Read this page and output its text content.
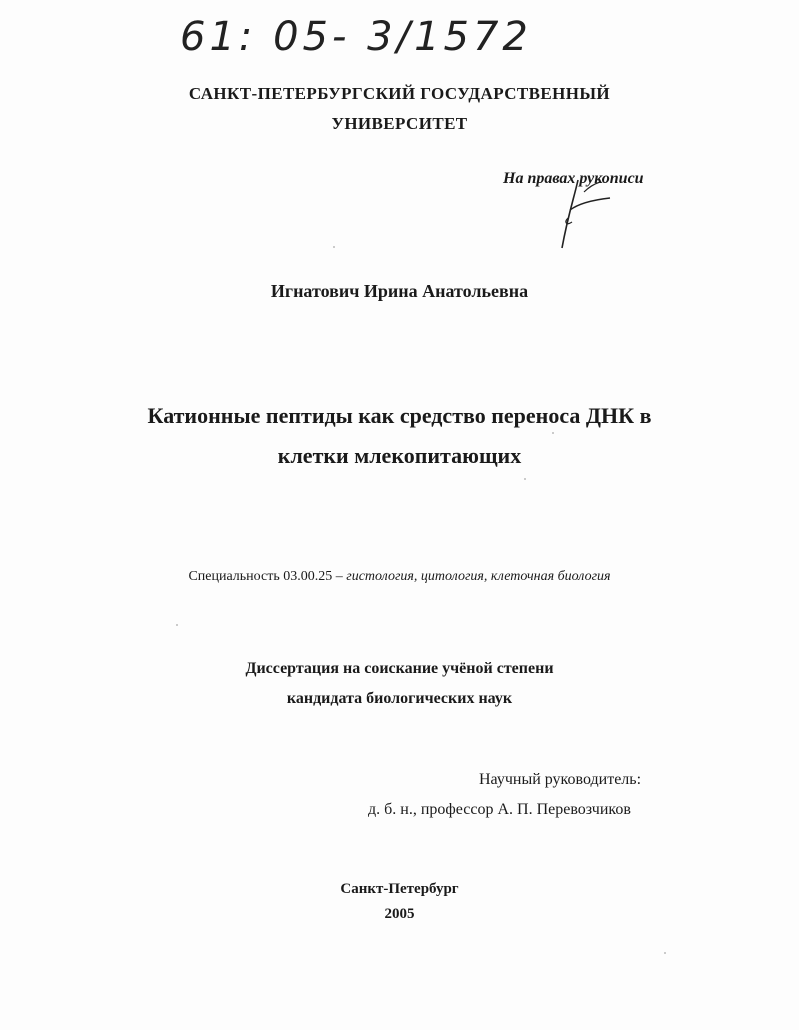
61: 05- 3/1572
САНКТ-ПЕТЕРБУРГСКИЙ ГОСУДАРСТВЕННЫЙ
УНИВЕРСИТЕТ
На правах рукописи
Игнатович Ирина Анатольевна
Катионные пептиды как средство переноса ДНК в
клетки млекопитающих
Специальность 03.00.25 – гистология, цитология, клеточная биология
Диссертация на соискание учёной степени
кандидата биологических наук
Научный руководитель:
д. б. н., профессор А. П. Перевозчиков
Санкт-Петербург
2005
